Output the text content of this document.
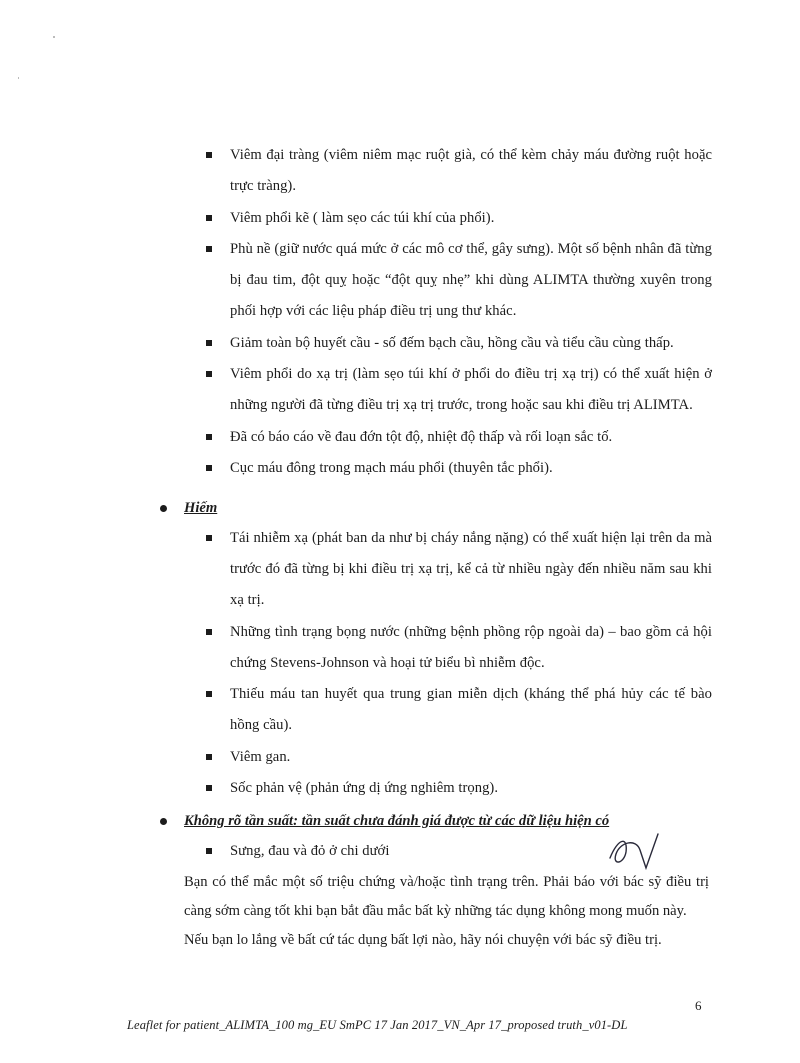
Viêm đại tràng (viêm niêm mạc ruột già, có thể kèm chảy máu đường ruột hoặc trực tràng).
Viêm phổi kẽ ( làm sẹo các túi khí của phổi).
Phù nề (giữ nước quá mức ở các mô cơ thể, gây sưng). Một số bệnh nhân đã từng bị đau tim, đột quỵ hoặc “đột quỵ nhẹ” khi dùng ALIMTA thường xuyên trong phối hợp với các liệu pháp điều trị ung thư khác.
Giảm toàn bộ huyết cầu - số đếm bạch cầu, hồng cầu và tiểu cầu cùng thấp.
Viêm phổi do xạ trị (làm sẹo túi khí ở phổi do điều trị xạ trị) có thể xuất hiện ở những người đã từng điều trị xạ trị trước, trong hoặc sau khi điều trị ALIMTA.
Đã có báo cáo về đau đớn tột độ, nhiệt độ thấp và rối loạn sắc tố.
Cục máu đông trong mạch máu phổi (thuyên tắc phổi).
Hiếm
Tái nhiễm xạ (phát ban da như bị cháy nắng nặng) có thể xuất hiện lại trên da mà trước đó đã từng bị khi điều trị xạ trị, kể cả từ nhiều ngày đến nhiều năm sau khi xạ trị.
Những tình trạng bọng nước (những bệnh phồng rộp ngoài da) – bao gồm cả hội chứng Stevens-Johnson và hoại tử biểu bì nhiễm độc.
Thiếu máu tan huyết qua trung gian miễn dịch (kháng thể phá hủy các tế bào hồng cầu).
Viêm gan.
Sốc phản vệ (phản ứng dị ứng nghiêm trọng).
Không rõ tần suất: tần suất chưa đánh giá được từ các dữ liệu hiện có
Sưng, đau và đỏ ở chi dưới
Bạn có thể mắc một số triệu chứng và/hoặc tình trạng trên. Phải báo với bác sỹ điều trị càng sớm càng tốt khi bạn bắt đầu mắc bất kỳ những tác dụng không mong muốn này.
Nếu bạn lo lắng về bất cứ tác dụng bất lợi nào, hãy nói chuyện với bác sỹ điều trị.
6
Leaflet for patient_ALIMTA_100 mg_EU SmPC 17 Jan 2017_VN_Apr 17_proposed truth_v01-DL
